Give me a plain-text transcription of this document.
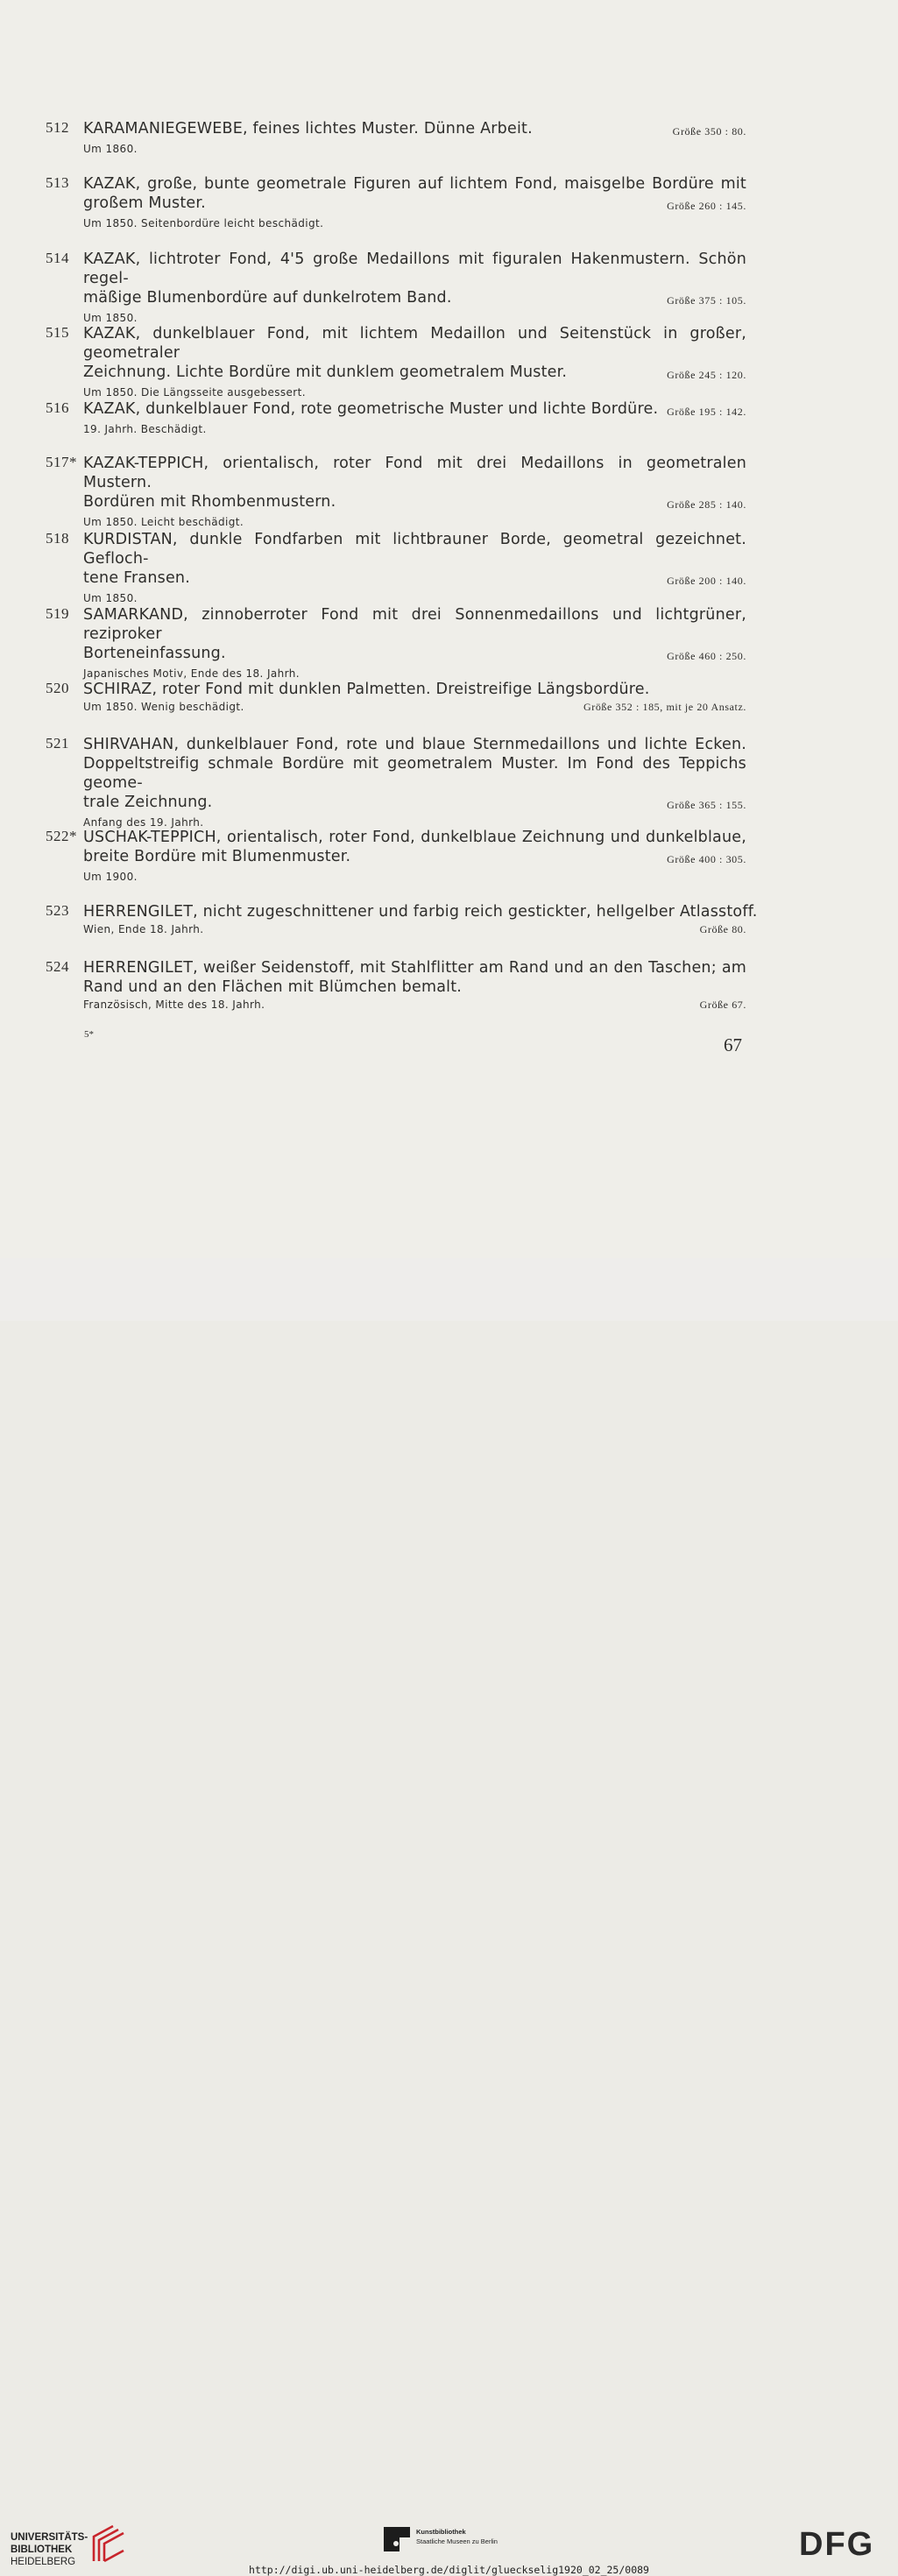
512 KARAMANIEGEWEBE, feines lichtes Muster. Dünne Arbeit.	Größe 350 : 80.
Um 1860.
513 KAZAK, große, bunte geometrale Figuren auf lichtem Fond, maisgelbe Bordüre mit
großem Muster.	Größe 260 : 145.
Um 1850. Seitenbordüre leicht beschädigt.
514 KAZAK, lichtroter Fond, 4'5 große Medaillons mit figuralen Hakenmustern. Schön regel-
mäßige Blumenbordüre auf dunkelrotem Band.	Größe 375 : 105.
Um 1850.
515 KAZAK, dunkelblauer Fond, mit lichtem Medaillon und Seitenstück in großer, geometraler
Zeichnung. Lichte Bordüre mit dunklem geometralem Muster.	Größe 245 : 120.
Um 1850. Die Längsseite ausgebessert.
516 KAZAK, dunkelblauer Fond, rote geometrische Muster und lichte Bordüre. Größe 195 : 142.
19. Jahrh. Beschädigt.
517* KAZAK-TEPPICH, orientalisch, roter Fond mit drei Medaillons in geometralen Mustern.
Bordüren mit Rhombenmustern.	Größe 285 : 140.
Um 1850. Leicht beschädigt.
518 KURDISTAN, dunkle Fondfarben mit lichtbrauner Borde, geometral gezeichnet. Gefloch-
tene Fransen.	Größe 200 : 140.
Um 1850.
519 SAMARKAND, zinnoberroter Fond mit drei Sonnenmedaillons und lichtgrüner, reziproker
Borteneinfassung.	Größe 460 : 250.
Japanisches Motiv, Ende des 18. Jahrh.
520 SCHIRAZ, roter Fond mit dunklen Palmetten. Dreistreifige Längsbordüre.
Um 1850. Wenig beschädigt.	Größe 352 : 185, mit je 20 Ansatz.
521 SHIRVAHAN, dunkelblauer Fond, rote und blaue Sternmedaillons und lichte Ecken.
Doppeltstreifig schmale Bordüre mit geometralem Muster. Im Fond des Teppichs geome-
trale Zeichnung.	Größe 365 : 155.
Anfang des 19. Jahrh.
522* USCHAK-TEPPICH, orientalisch, roter Fond, dunkelblaue Zeichnung und dunkelblaue,
breite Bordüre mit Blumenmuster.	Größe 400 : 305.
Um 1900.
523 HERRENGILET, nicht zugeschnittener und farbig reich gestickter, hellgelber Atlasstoff.
Wien, Ende 18. Jahrh.	Größe 80.
524 HERRENGILET, weißer Seidenstoff, mit Stahlflitter am Rand und an den Taschen; am
Rand und an den Flächen mit Blümchen bemalt.
Französisch, Mitte des 18. Jahrh.	Größe 67.
5*	67
UNIVERSITÄTS-
BIBLIOTHEK
HEIDELBERG
Kunstbibliothek
Staatliche Museen zu Berlin	DFG
http://digi.ub.uni-heidelberg.de/diglit/glueckselig1920_02_25/0089
